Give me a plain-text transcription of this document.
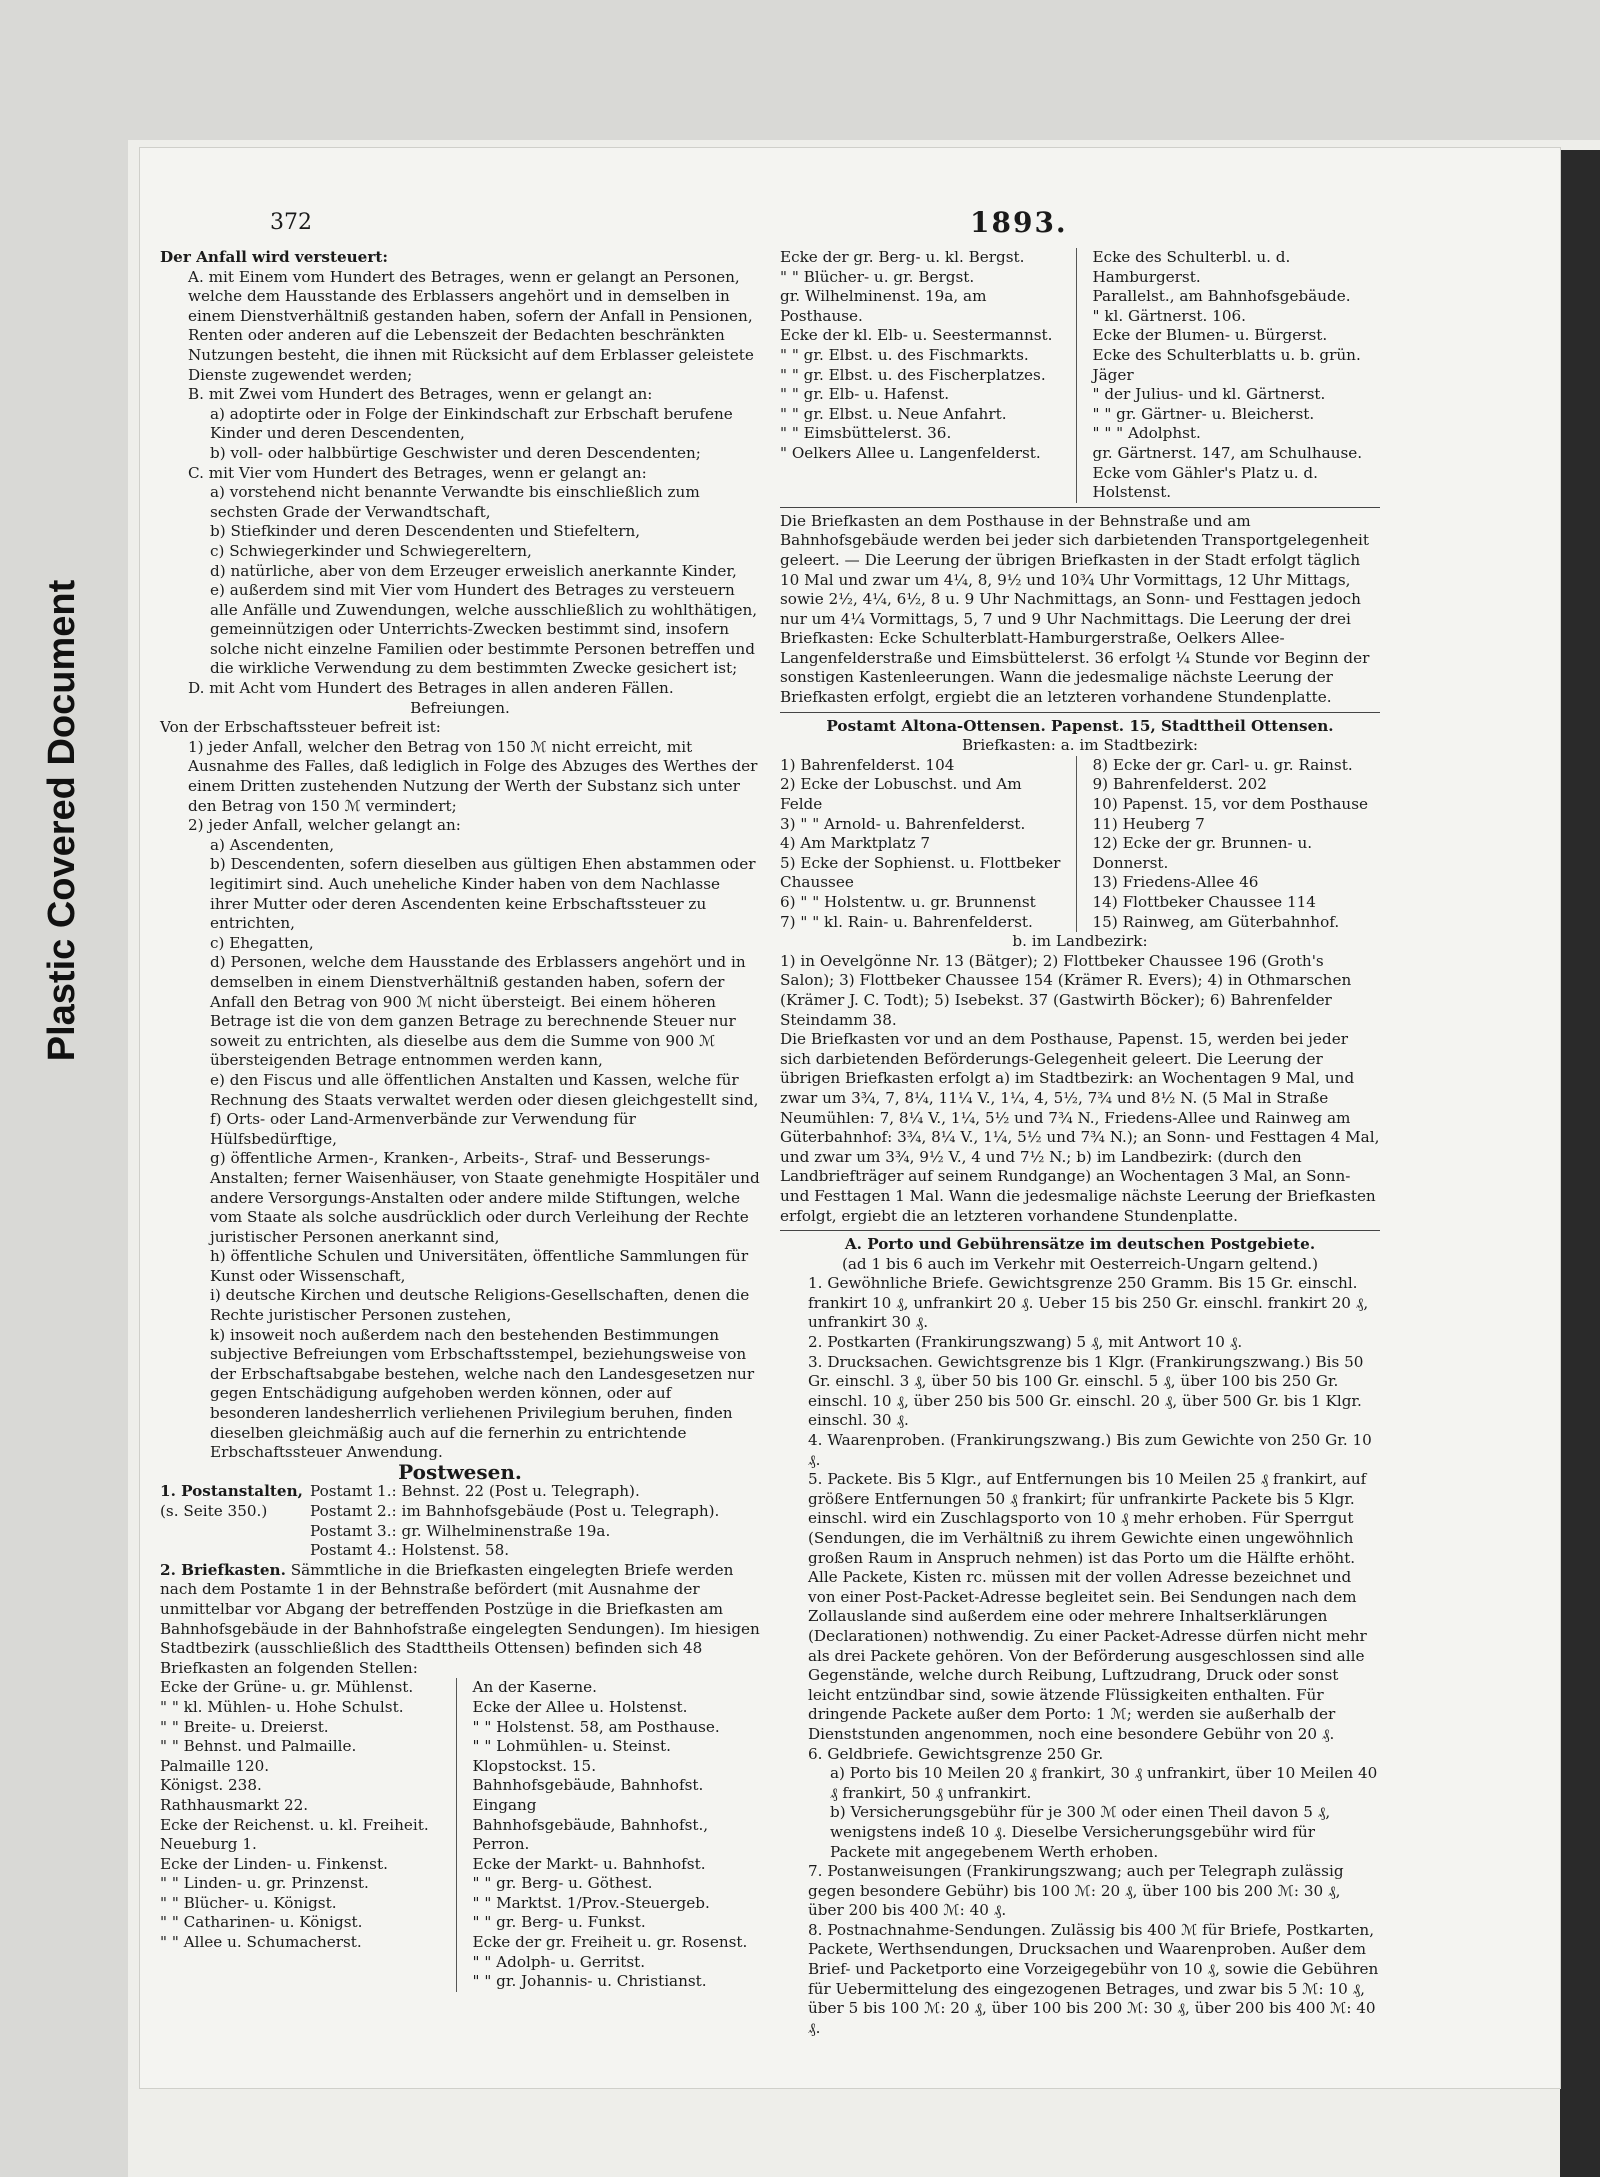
Plastic Covered Document
372	1893.

Der Anfall wird versteuert:

A. mit Einem vom Hundert des Betrages, wenn er gelangt an Personen, welche dem Hausstande des Erblassers angehört und in demselben in einem Dienstverhältniß gestanden haben, sofern der Anfall in Pensionen, Renten oder anderen auf die Lebenszeit der Bedachten beschränkten Nutzungen besteht, die ihnen mit Rücksicht auf dem Erblasser geleistete Dienste zugewendet werden;

B. mit Zwei vom Hundert des Betrages, wenn er gelangt an:

a) adoptirte oder in Folge der Einkindschaft zur Erbschaft berufene Kinder und deren Descendenten,

b) voll- oder halbbürtige Geschwister und deren Descendenten;

C. mit Vier vom Hundert des Betrages, wenn er gelangt an:

a) vorstehend nicht benannte Verwandte bis einschließlich zum sechsten Grade der Verwandtschaft,

b) Stiefkinder und deren Descendenten und Stiefeltern,

c) Schwiegerkinder und Schwiegereltern,

d) natürliche, aber von dem Erzeuger erweislich anerkannte Kinder,

e) außerdem sind mit Vier vom Hundert des Betrages zu versteuern alle Anfälle und Zuwendungen, welche ausschließlich zu wohlthätigen, gemeinnützigen oder Unterrichts-Zwecken bestimmt sind, insofern solche nicht einzelne Familien oder bestimmte Personen betreffen und die wirkliche Verwendung zu dem bestimmten Zwecke gesichert ist;

D. mit Acht vom Hundert des Betrages in allen anderen Fällen.

Befreiungen.

Von der Erbschaftssteuer befreit ist:

1) jeder Anfall, welcher den Betrag von 150 ℳ nicht erreicht, mit Ausnahme des Falles, daß lediglich in Folge des Abzuges des Werthes der einem Dritten zustehenden Nutzung der Werth der Substanz sich unter den Betrag von 150 ℳ vermindert;

2) jeder Anfall, welcher gelangt an:

a) Ascendenten,

b) Descendenten, sofern dieselben aus gültigen Ehen abstammen oder legitimirt sind. Auch uneheliche Kinder haben von dem Nachlasse ihrer Mutter oder deren Ascendenten keine Erbschaftssteuer zu entrichten,

c) Ehegatten,

d) Personen, welche dem Hausstande des Erblassers angehört und in demselben in einem Dienstverhältniß gestanden haben, sofern der Anfall den Betrag von 900 ℳ nicht übersteigt. Bei einem höheren Betrage ist die von dem ganzen Betrage zu berechnende Steuer nur soweit zu entrichten, als dieselbe aus dem die Summe von 900 ℳ übersteigenden Betrage entnommen werden kann,

e) den Fiscus und alle öffentlichen Anstalten und Kassen, welche für Rechnung des Staats verwaltet werden oder diesen gleichgestellt sind,

f) Orts- oder Land-Armenverbände zur Verwendung für Hülfsbedürftige,

g) öffentliche Armen-, Kranken-, Arbeits-, Straf- und Besserungs-Anstalten; ferner Waisenhäuser, von Staate genehmigte Hospitäler und andere Versorgungs-Anstalten oder andere milde Stiftungen, welche vom Staate als solche ausdrücklich oder durch Verleihung der Rechte juristischer Personen anerkannt sind,

h) öffentliche Schulen und Universitäten, öffentliche Sammlungen für Kunst oder Wissenschaft,

i) deutsche Kirchen und deutsche Religions-Gesellschaften, denen die Rechte juristischer Personen zustehen,

k) insoweit noch außerdem nach den bestehenden Bestimmungen subjective Befreiungen vom Erbschaftsstempel, beziehungsweise von der Erbschaftsabgabe bestehen, welche nach den Landesgesetzen nur gegen Entschädigung aufgehoben werden können, oder auf besonderen landesherrlich verliehenen Privilegium beruhen, finden dieselben gleichmäßig auch auf die fernerhin zu entrichtende Erbschaftssteuer Anwendung.

Postwesen.

1. Postanstalten,
(s. Seite 350.)

Postamt 1.: Behnst. 22 (Post u. Telegraph).

Postamt 2.: im Bahnhofsgebäude (Post u. Telegraph).

Postamt 3.: gr. Wilhelminenstraße 19a.

Postamt 4.: Holstenst. 58.

2. Briefkasten. Sämmtliche in die Briefkasten eingelegten Briefe werden nach dem Postamte 1 in der Behnstraße befördert (mit Ausnahme der unmittelbar vor Abgang der betreffenden Postzüge in die Briefkasten am Bahnhofsgebäude in der Bahnhofstraße eingelegten Sendungen). Im hiesigen Stadtbezirk (ausschließlich des Stadttheils Ottensen) befinden sich 48 Briefkasten an folgenden Stellen:

Ecke der Grüne- u. gr. Mühlenst.

" " kl. Mühlen- u. Hohe Schulst.

" " Breite- u. Dreierst.

" " Behnst. und Palmaille.

Palmaille 120.

Königst. 238.

Rathhausmarkt 22.

Ecke der Reichenst. u. kl. Freiheit.

Neueburg 1.

Ecke der Linden- u. Finkenst.

" " Linden- u. gr. Prinzenst.

" " Blücher- u. Königst.

" " Catharinen- u. Königst.

" " Allee u. Schumacherst.

An der Kaserne.

Ecke der Allee u. Holstenst.

" " Holstenst. 58, am Posthause.

" " Lohmühlen- u. Steinst.

Klopstockst. 15.

Bahnhofsgebäude, Bahnhofst. Eingang

Bahnhofsgebäude, Bahnhofst., Perron.

Ecke der Markt- u. Bahnhofst.

" " gr. Berg- u. Göthest.

" " Marktst. 1/Prov.-Steuergeb.

" " gr. Berg- u. Funkst.

Ecke der gr. Freiheit u. gr. Rosenst.

" " Adolph- u. Gerritst.

" " gr. Johannis- u. Christianst.

Ecke der gr. Berg- u. kl. Bergst.

" " Blücher- u. gr. Bergst.

gr. Wilhelminenst. 19a, am Posthause.

Ecke der kl. Elb- u. Seestermannst.

" " gr. Elbst. u. des Fischmarkts.

" " gr. Elbst. u. des Fischerplatzes.

" " gr. Elb- u. Hafenst.

" " gr. Elbst. u. Neue Anfahrt.

" " Eimsbüttelerst. 36.

" Oelkers Allee u. Langenfelderst.

Ecke des Schulterbl. u. d. Hamburgerst.

Parallelst., am Bahnhofsgebäude.

" kl. Gärtnerst. 106.

Ecke der Blumen- u. Bürgerst.

Ecke des Schulterblatts u. b. grün. Jäger

" der Julius- und kl. Gärtnerst.

" " gr. Gärtner- u. Bleicherst.

" " " Adolphst.

gr. Gärtnerst. 147, am Schulhause.

Ecke vom Gähler's Platz u. d. Holstenst.

Die Briefkasten an dem Posthause in der Behnstraße und am Bahnhofsgebäude werden bei jeder sich darbietenden Transportgelegenheit geleert. — Die Leerung der übrigen Briefkasten in der Stadt erfolgt täglich 10 Mal und zwar um 4¼, 8, 9½ und 10¾ Uhr Vormittags, 12 Uhr Mittags, sowie 2½, 4¼, 6½, 8 u. 9 Uhr Nachmittags, an Sonn- und Festtagen jedoch nur um 4¼ Vormittags, 5, 7 und 9 Uhr Nachmittags. Die Leerung der drei Briefkasten: Ecke Schulterblatt-Hamburgerstraße, Oelkers Allee-Langenfelderstraße und Eimsbüttelerst. 36 erfolgt ¼ Stunde vor Beginn der sonstigen Kastenleerungen. Wann die jedesmalige nächste Leerung der Briefkasten erfolgt, ergiebt die an letzteren vorhandene Stundenplatte.

Postamt Altona-Ottensen. Papenst. 15, Stadttheil Ottensen.

Briefkasten: a. im Stadtbezirk:

1) Bahrenfelderst. 104

2) Ecke der Lobuschst. und Am Felde

3) " " Arnold- u. Bahrenfelderst.

4) Am Marktplatz 7

5) Ecke der Sophienst. u. Flottbeker Chaussee

6) " " Holstentw. u. gr. Brunnenst

7) " " kl. Rain- u. Bahrenfelderst.

8) Ecke der gr. Carl- u. gr. Rainst.

9) Bahrenfelderst. 202

10) Papenst. 15, vor dem Posthause

11) Heuberg 7

12) Ecke der gr. Brunnen- u. Donnerst.

13) Friedens-Allee 46

14) Flottbeker Chaussee 114

15) Rainweg, am Güterbahnhof.

b. im Landbezirk:

1) in Oevelgönne Nr. 13 (Bätger); 2) Flottbeker Chaussee 196 (Groth's Salon); 3) Flottbeker Chaussee 154 (Krämer R. Evers); 4) in Othmarschen (Krämer J. C. Todt); 5) Isebekst. 37 (Gastwirth Böcker); 6) Bahrenfelder Steindamm 38.

Die Briefkasten vor und an dem Posthause, Papenst. 15, werden bei jeder sich darbietenden Beförderungs-Gelegenheit geleert. Die Leerung der übrigen Briefkasten erfolgt a) im Stadtbezirk: an Wochentagen 9 Mal, und zwar um 3¾, 7, 8¼, 11¼ V., 1¼, 4, 5½, 7¾ und 8½ N. (5 Mal in Straße Neumühlen: 7, 8¼ V., 1¼, 5½ und 7¾ N., Friedens-Allee und Rainweg am Güterbahnhof: 3¾, 8¼ V., 1¼, 5½ und 7¾ N.); an Sonn- und Festtagen 4 Mal, und zwar um 3¾, 9½ V., 4 und 7½ N.; b) im Landbezirk: (durch den Landbriefträger auf seinem Rundgange) an Wochentagen 3 Mal, an Sonn- und Festtagen 1 Mal. Wann die jedesmalige nächste Leerung der Briefkasten erfolgt, ergiebt die an letzteren vorhandene Stundenplatte.

A. Porto und Gebührensätze im deutschen Postgebiete.

(ad 1 bis 6 auch im Verkehr mit Oesterreich-Ungarn geltend.)

1. Gewöhnliche Briefe. Gewichtsgrenze 250 Gramm. Bis 15 Gr. einschl. frankirt 10 ₰, unfrankirt 20 ₰. Ueber 15 bis 250 Gr. einschl. frankirt 20 ₰, unfrankirt 30 ₰.

2. Postkarten (Frankirungszwang) 5 ₰, mit Antwort 10 ₰.

3. Drucksachen. Gewichtsgrenze bis 1 Klgr. (Frankirungszwang.) Bis 50 Gr. einschl. 3 ₰, über 50 bis 100 Gr. einschl. 5 ₰, über 100 bis 250 Gr. einschl. 10 ₰, über 250 bis 500 Gr. einschl. 20 ₰, über 500 Gr. bis 1 Klgr. einschl. 30 ₰.

4. Waarenproben. (Frankirungszwang.) Bis zum Gewichte von 250 Gr. 10 ₰.

5. Packete. Bis 5 Klgr., auf Entfernungen bis 10 Meilen 25 ₰ frankirt, auf größere Entfernungen 50 ₰ frankirt; für unfrankirte Packete bis 5 Klgr. einschl. wird ein Zuschlagsporto von 10 ₰ mehr erhoben. Für Sperrgut (Sendungen, die im Verhältniß zu ihrem Gewichte einen ungewöhnlich großen Raum in Anspruch nehmen) ist das Porto um die Hälfte erhöht. Alle Packete, Kisten rc. müssen mit der vollen Adresse bezeichnet und von einer Post-Packet-Adresse begleitet sein. Bei Sendungen nach dem Zollauslande sind außerdem eine oder mehrere Inhaltserklärungen (Declarationen) nothwendig. Zu einer Packet-Adresse dürfen nicht mehr als drei Packete gehören. Von der Beförderung ausgeschlossen sind alle Gegenstände, welche durch Reibung, Luftzudrang, Druck oder sonst leicht entzündbar sind, sowie ätzende Flüssigkeiten enthalten. Für dringende Packete außer dem Porto: 1 ℳ; werden sie außerhalb der Dienststunden angenommen, noch eine besondere Gebühr von 20 ₰.

6. Geldbriefe. Gewichtsgrenze 250 Gr.

a) Porto bis 10 Meilen 20 ₰ frankirt, 30 ₰ unfrankirt, über 10 Meilen 40 ₰ frankirt, 50 ₰ unfrankirt.

b) Versicherungsgebühr für je 300 ℳ oder einen Theil davon 5 ₰, wenigstens indeß 10 ₰. Dieselbe Versicherungsgebühr wird für Packete mit angegebenem Werth erhoben.

7. Postanweisungen (Frankirungszwang; auch per Telegraph zulässig gegen besondere Gebühr) bis 100 ℳ: 20 ₰, über 100 bis 200 ℳ: 30 ₰, über 200 bis 400 ℳ: 40 ₰.

8. Postnachnahme-Sendungen. Zulässig bis 400 ℳ für Briefe, Postkarten, Packete, Werthsendungen, Drucksachen und Waarenproben. Außer dem Brief- und Packetporto eine Vorzeigegebühr von 10 ₰, sowie die Gebühren für Uebermittelung des eingezogenen Betrages, und zwar bis 5 ℳ: 10 ₰, über 5 bis 100 ℳ: 20 ₰, über 100 bis 200 ℳ: 30 ₰, über 200 bis 400 ℳ: 40 ₰.
